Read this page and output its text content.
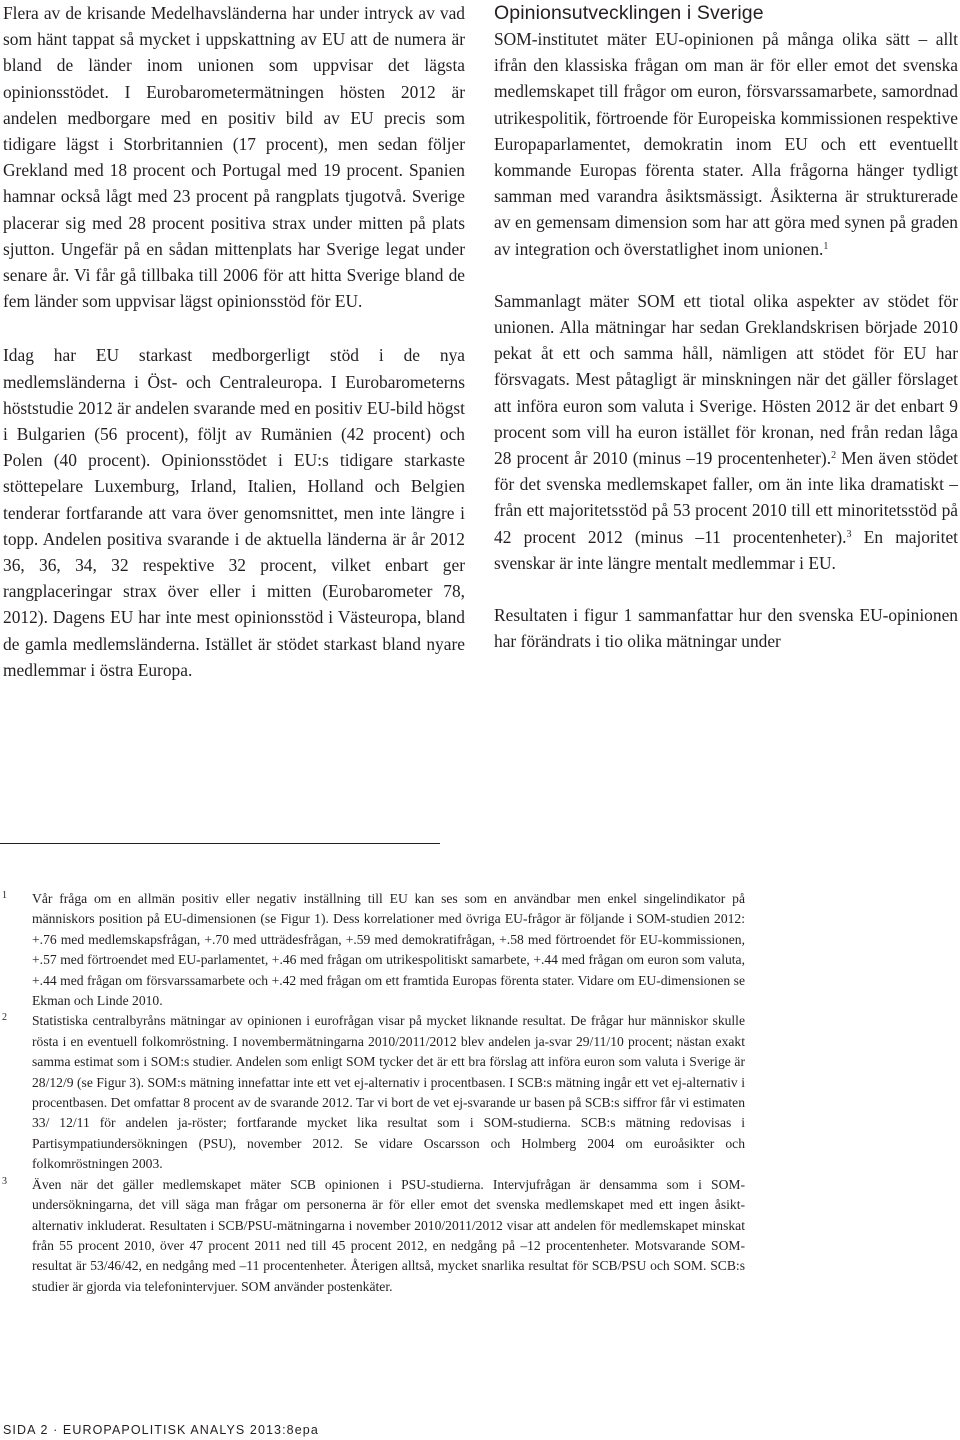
Flera av de krisande Medelhavsländerna har under intryck av vad som hänt tappat så mycket i uppskattning av EU att de numera är bland de länder inom unionen som uppvisar det lägsta opinionsstödet. I Eurobarometermätningen hösten 2012 är andelen medborgare med en positiv bild av EU precis som tidigare lägst i Storbritannien (17 procent), men sedan följer Grekland med 18 procent och Portugal med 19 procent. Spanien hamnar också lågt med 23 procent på rangplats tjugotvå. Sverige placerar sig med 28 procent positiva strax under mitten på plats sjutton. Ungefär på en sådan mittenplats har Sverige legat under senare år. Vi får gå tillbaka till 2006 för att hitta Sverige bland de fem länder som uppvisar lägst opinionsstöd för EU.

Idag har EU starkast medborgerligt stöd i de nya medlemsländerna i Öst- och Centraleuropa. I Eurobarometerns höststudie 2012 är andelen svarande med en positiv EU-bild högst i Bulgarien (56 procent), följt av Rumänien (42 procent) och Polen (40 procent). Opinionsstödet i EU:s tidigare starkaste stöttepelare Luxemburg, Irland, Italien, Holland och Belgien tenderar fortfarande att vara över genomsnittet, men inte längre i topp. Andelen positiva svarande i de aktuella länderna är år 2012 36, 36, 34, 32 respektive 32 procent, vilket enbart ger rangplaceringar strax över eller i mitten (Eurobarometer 78, 2012). Dagens EU har inte mest opinionsstöd i Västeuropa, bland de gamla medlemsländerna. Istället är stödet starkast bland nyare medlemmar i östra Europa.

Opinionsutvecklingen i Sverige

SOM-institutet mäter EU-opinionen på många olika sätt – allt ifrån den klassiska frågan om man är för eller emot det svenska medlemskapet till frågor om euron, försvarssamarbete, samordnad utrikespolitik, förtroende för Europeiska kommissionen respektive Europaparlamentet, demokratin inom EU och ett eventuellt kommande Europas förenta stater. Alla frågorna hänger tydligt samman med varandra åsiktsmässigt. Åsikterna är strukturerade av en gemensam dimension som har att göra med synen på graden av integration och överstatlighet inom unionen.$^1$

Sammanlagt mäter SOM ett tiotal olika aspekter av stödet för unionen. Alla mätningar har sedan Greklandskrisen började 2010 pekat åt ett och samma håll, nämligen att stödet för EU har försvagats. Mest påtagligt är minskningen när det gäller förslaget att införa euron som valuta i Sverige. Hösten 2012 är det enbart 9 procent som vill ha euron istället för kronan, ned från redan låga 28 procent år 2010 (minus –19 procentenheter).$^2$ Men även stödet för det svenska medlemskapet faller, om än inte lika dramatiskt – från ett majoritetsstöd på 53 procent 2010 till ett minoritetsstöd på 42 procent 2012 (minus –11 procentenheter).$^3$ En majoritet svenskar är inte längre mentalt medlemmar i EU.

Resultaten i figur 1 sammanfattar hur den svenska EU-opinionen har förändrats i tio olika mätningar under

1 Vår fråga om en allmän positiv eller negativ inställning till EU kan ses som en användbar men enkel singelindikator på människors position på EU-dimensionen (se Figur 1). Dess korrelationer med övriga EU-frågor är följande i SOM-studien 2012: +.76 med medlemskapsfrågan, +.70 med utträdesfrågan, +.59 med demokratifrågan, +.58 med förtroendet för EU-kommissionen, +.57 med förtroendet med EU-parlamentet, +.46 med frågan om utrikespolitiskt samarbete, +.44 med frågan om euron som valuta, +.44 med frågan om försvarssamarbete och +.42 med frågan om ett framtida Europas förenta stater. Vidare om EU-dimensionen se Ekman och Linde 2010.
2 Statistiska centralbyråns mätningar av opinionen i eurofrågan visar på mycket liknande resultat. De frågar hur människor skulle rösta i en eventuell folkomröstning. I novembermätningarna 2010/2011/2012 blev andelen ja-svar 29/11/10 procent; nästan exakt samma estimat som i SOM:s studier. Andelen som enligt SOM tycker det är ett bra förslag att införa euron som valuta i Sverige är 28/12/9 (se Figur 3). SOM:s mätning innefattar inte ett vet ej-alternativ i procentbasen. I SCB:s mätning ingår ett vet ej-alternativ i procentbasen. Det omfattar 8 procent av de svarande 2012. Tar vi bort de vet ej-svarande ur basen på SCB:s siffror får vi estimaten 33/ 12/11 för andelen ja-röster; fortfarande mycket lika resultat som i SOM-studierna. SCB:s mätning redovisas i Partisympatiundersökningen (PSU), november 2012. Se vidare Oscarsson och Holmberg 2004 om euroåsikter och folkomröstningen 2003.
3 Även när det gäller medlemskapet mäter SCB opinionen i PSU-studierna. Intervjufrågan är densamma som i SOM-undersökningarna, det vill säga man frågar om personerna är för eller emot det svenska medlemskapet med ett ingen åsikt-alternativ inkluderat. Resultaten i SCB/PSU-mätningarna i november 2010/2011/2012 visar att andelen för medlemskapet minskat från 55 procent 2010, över 47 procent 2011 ned till 45 procent 2012, en nedgång på –12 procentenheter. Motsvarande SOM-resultat är 53/46/42, en nedgång med –11 procentenheter. Återigen alltså, mycket snarlika resultat för SCB/PSU och SOM. SCB:s studier är gjorda via telefonintervjuer. SOM använder postenkäter.
SIDA 2 · EUROPAPOLITISK ANALYS 2013:8epa
